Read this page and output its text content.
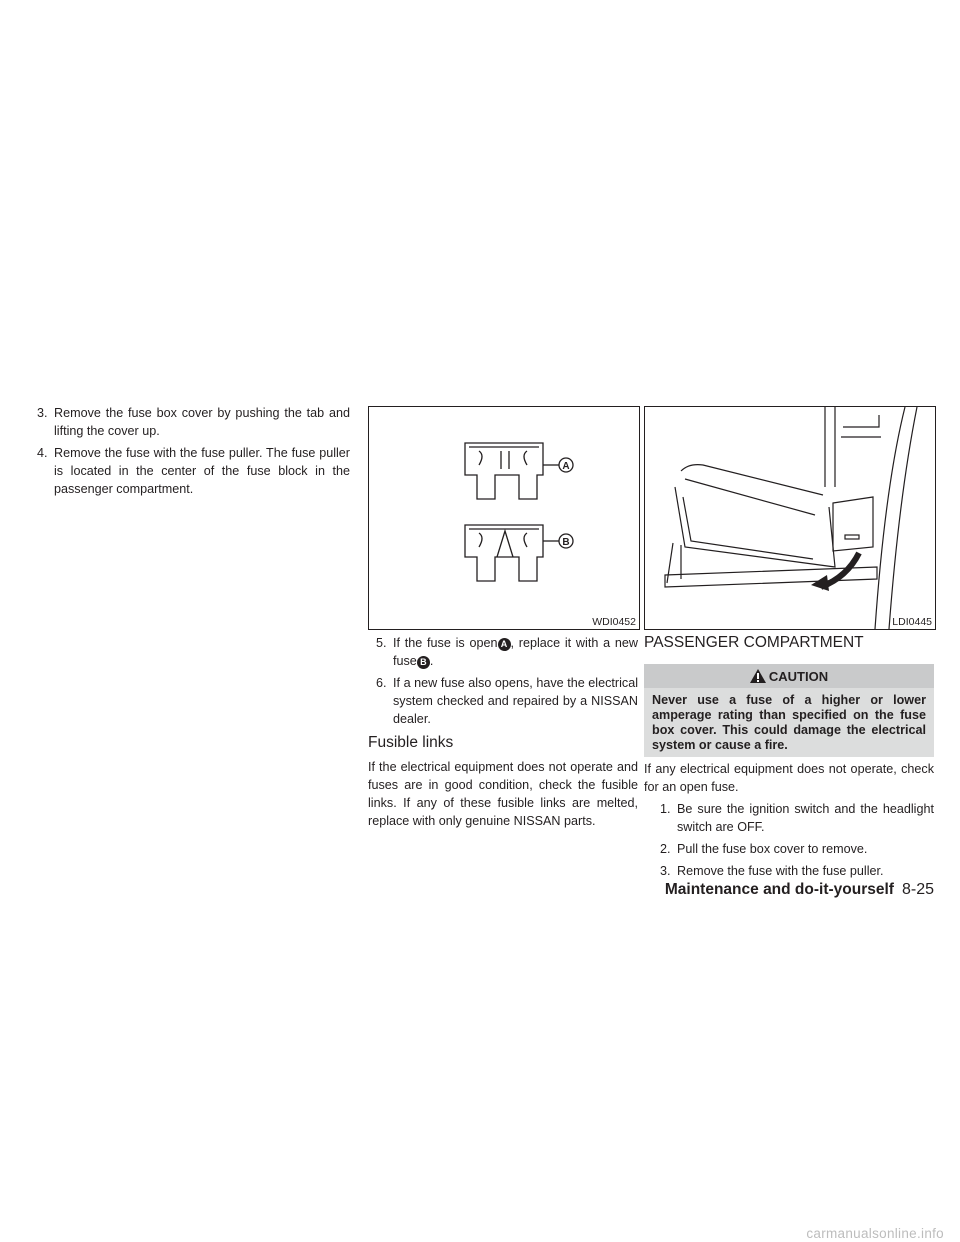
3. Remove the fuse box cover by pushing the tab and lifting the cover up.
4. Remove the fuse with the fuse puller. The fuse puller is located in the center of the fuse block in the passenger compartment.
A
B
WDI0452
5. If the fuse is open A , replace it with a new fuse B .
6. If a new fuse also opens, have the electrical system checked and repaired by a NISSAN dealer.
Fusible links

If the electrical equipment does not operate and fuses are in good condition, check the fusible links. If any of these fusible links are melted, replace with only genuine NISSAN parts.

LDI0445
PASSENGER COMPARTMENT
CAUTION
Never use a fuse of a higher or lower amperage rating than specified on the fuse box cover. This could damage the electrical system or cause a fire.

If any electrical equipment does not operate, check for an open fuse.

1. Be sure the ignition switch and the headlight switch are OFF.
2. Pull the fuse box cover to remove.
3. Remove the fuse with the fuse puller.
Maintenance and do-it-yourself 8-25
carmanualsonline.info
